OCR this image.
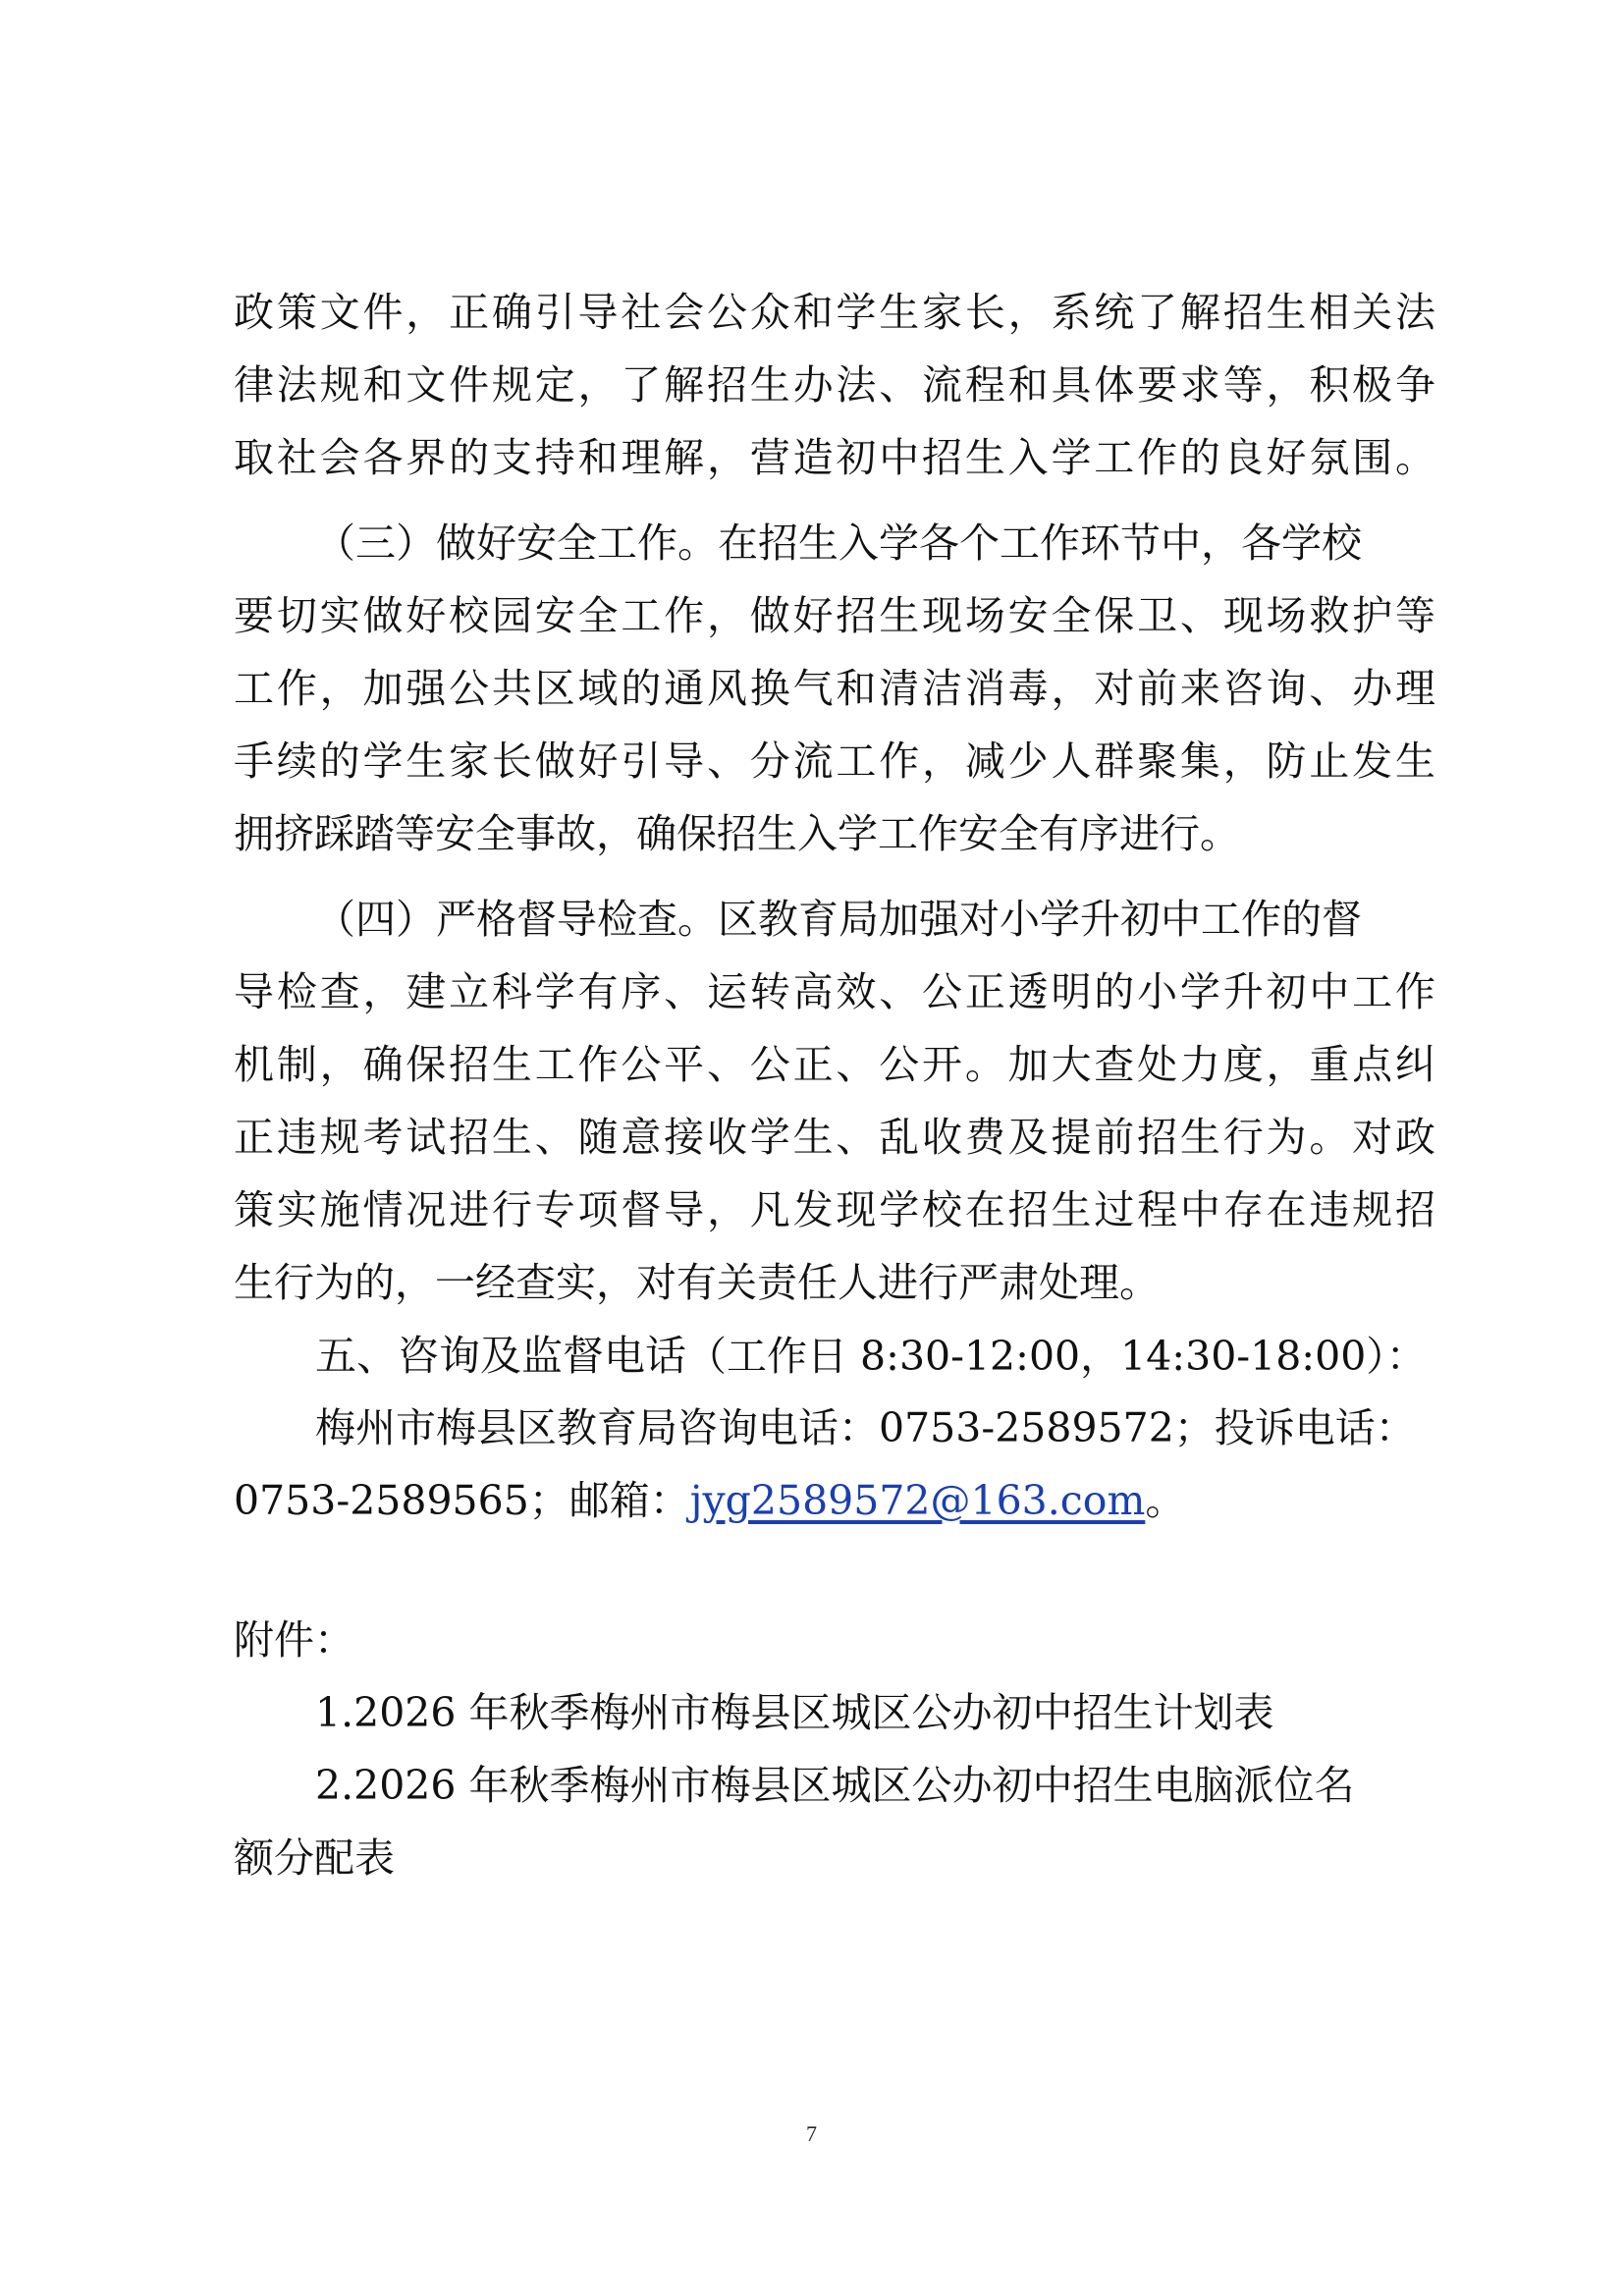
政 策 文 件 ， 正 确 引 导 社 会 公 众 和 学 生 家 长 ， 系 统 了 解 招 生 相 关 法
律 法 规 和 文 件 规 定 ， 了 解 招 生 办 法 、 流 程 和 具 体 要 求 等 ， 积 极 争
取 社 会 各 界 的 支 持 和 理 解 ， 营 造 初 中 招 生 入 学 工 作 的 良 好 氛 围 。
（三）做好安全工作。在招生入学各个工作环节中，各学校
要 切 实 做 好 校 园 安 全 工 作 ， 做 好 招 生 现 场 安 全 保 卫 、 现 场 救 护 等
工 作 ， 加 强 公 共 区 域 的 通 风 换 气 和 清 洁 消 毒 ， 对 前 来 咨 询 、 办 理
手 续 的 学 生 家 长 做 好 引 导 、 分 流 工 作 ， 减 少 人 群 聚 集 ， 防 止 发 生
拥挤踩踏等安全事故，确保招生入学工作安全有序进行。
（四）严格督导检查。区教育局加强对小学升初中工作的督
导 检 查 ， 建 立 科 学 有 序 、 运 转 高 效 、 公 正 透 明 的 小 学 升 初 中 工 作
机 制 ， 确 保 招 生 工 作 公 平 、 公 正 、 公 开 。 加 大 查 处 力 度 ， 重 点 纠
正 违 规 考 试 招 生 、 随 意 接 收 学 生 、 乱 收 费 及 提 前 招 生 行 为 。 对 政
策 实 施 情 况 进 行 专 项 督 导 ， 凡 发 现 学 校 在 招 生 过 程 中 存 在 违 规 招
生行为的，一经查实，对有关责任人进行严肃处理。
五、咨询及监督电话（工作日 8:30-12:00，14:30-18:00）：
梅州市梅县区教育局咨询电话：0753-2589572；投诉电话：
0753-2589565；邮箱：jyg2589572@163.com。
附件：
1.2026 年秋季梅州市梅县区城区公办初中招生计划表
2.2026 年秋季梅州市梅县区城区公办初中招生电脑派位名
额分配表
7
